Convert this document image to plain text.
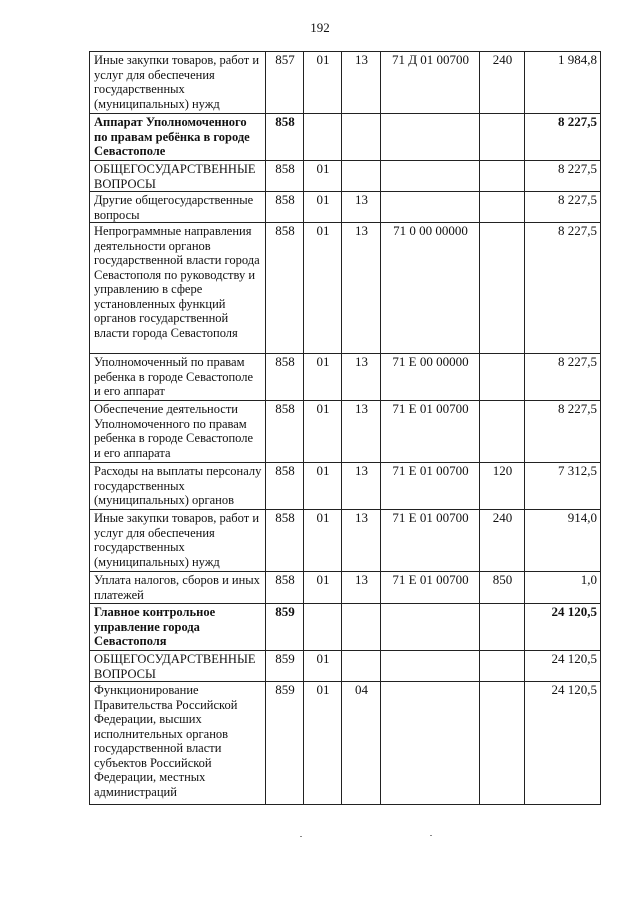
192
Иные закупки товаров, работ и услуг для обеспечения государственных (муниципальных) нужд	857	01	13	71 Д 01 00700	240	1 984,8
Аппарат Уполномоченного по правам ребёнка в городе Севастополе	858					8 227,5
ОБЩЕГОСУДАРСТВЕННЫЕ ВОПРОСЫ	858	01				8 227,5
Другие общегосударственные вопросы	858	01	13			8 227,5
Непрограммные направления деятельности органов государственной власти города Севастополя по руководству и управлению в сфере установленных функций органов государственной власти города Севастополя	858	01	13	71 0 00 00000		8 227,5
Уполномоченный по правам ребенка в городе Севастополе и его аппарат	858	01	13	71 Е 00 00000		8 227,5
Обеспечение деятельности Уполномоченного по правам ребенка в городе Севастополе и его аппарата	858	01	13	71 Е 01 00700		8 227,5
Расходы на выплаты персоналу государственных (муниципальных) органов	858	01	13	71 Е 01 00700	120	7 312,5
Иные закупки товаров, работ и услуг для обеспечения государственных (муниципальных) нужд	858	01	13	71 Е 01 00700	240	914,0
Уплата налогов, сборов и иных платежей	858	01	13	71 Е 01 00700	850	1,0
Главное контрольное управление города Севастополя	859					24 120,5
ОБЩЕГОСУДАРСТВЕННЫЕ ВОПРОСЫ	859	01				24 120,5
Функционирование Правительства Российской Федерации, высших исполнительных органов государственной власти субъектов Российской Федерации, местных администраций	859	01	04			24 120,5
